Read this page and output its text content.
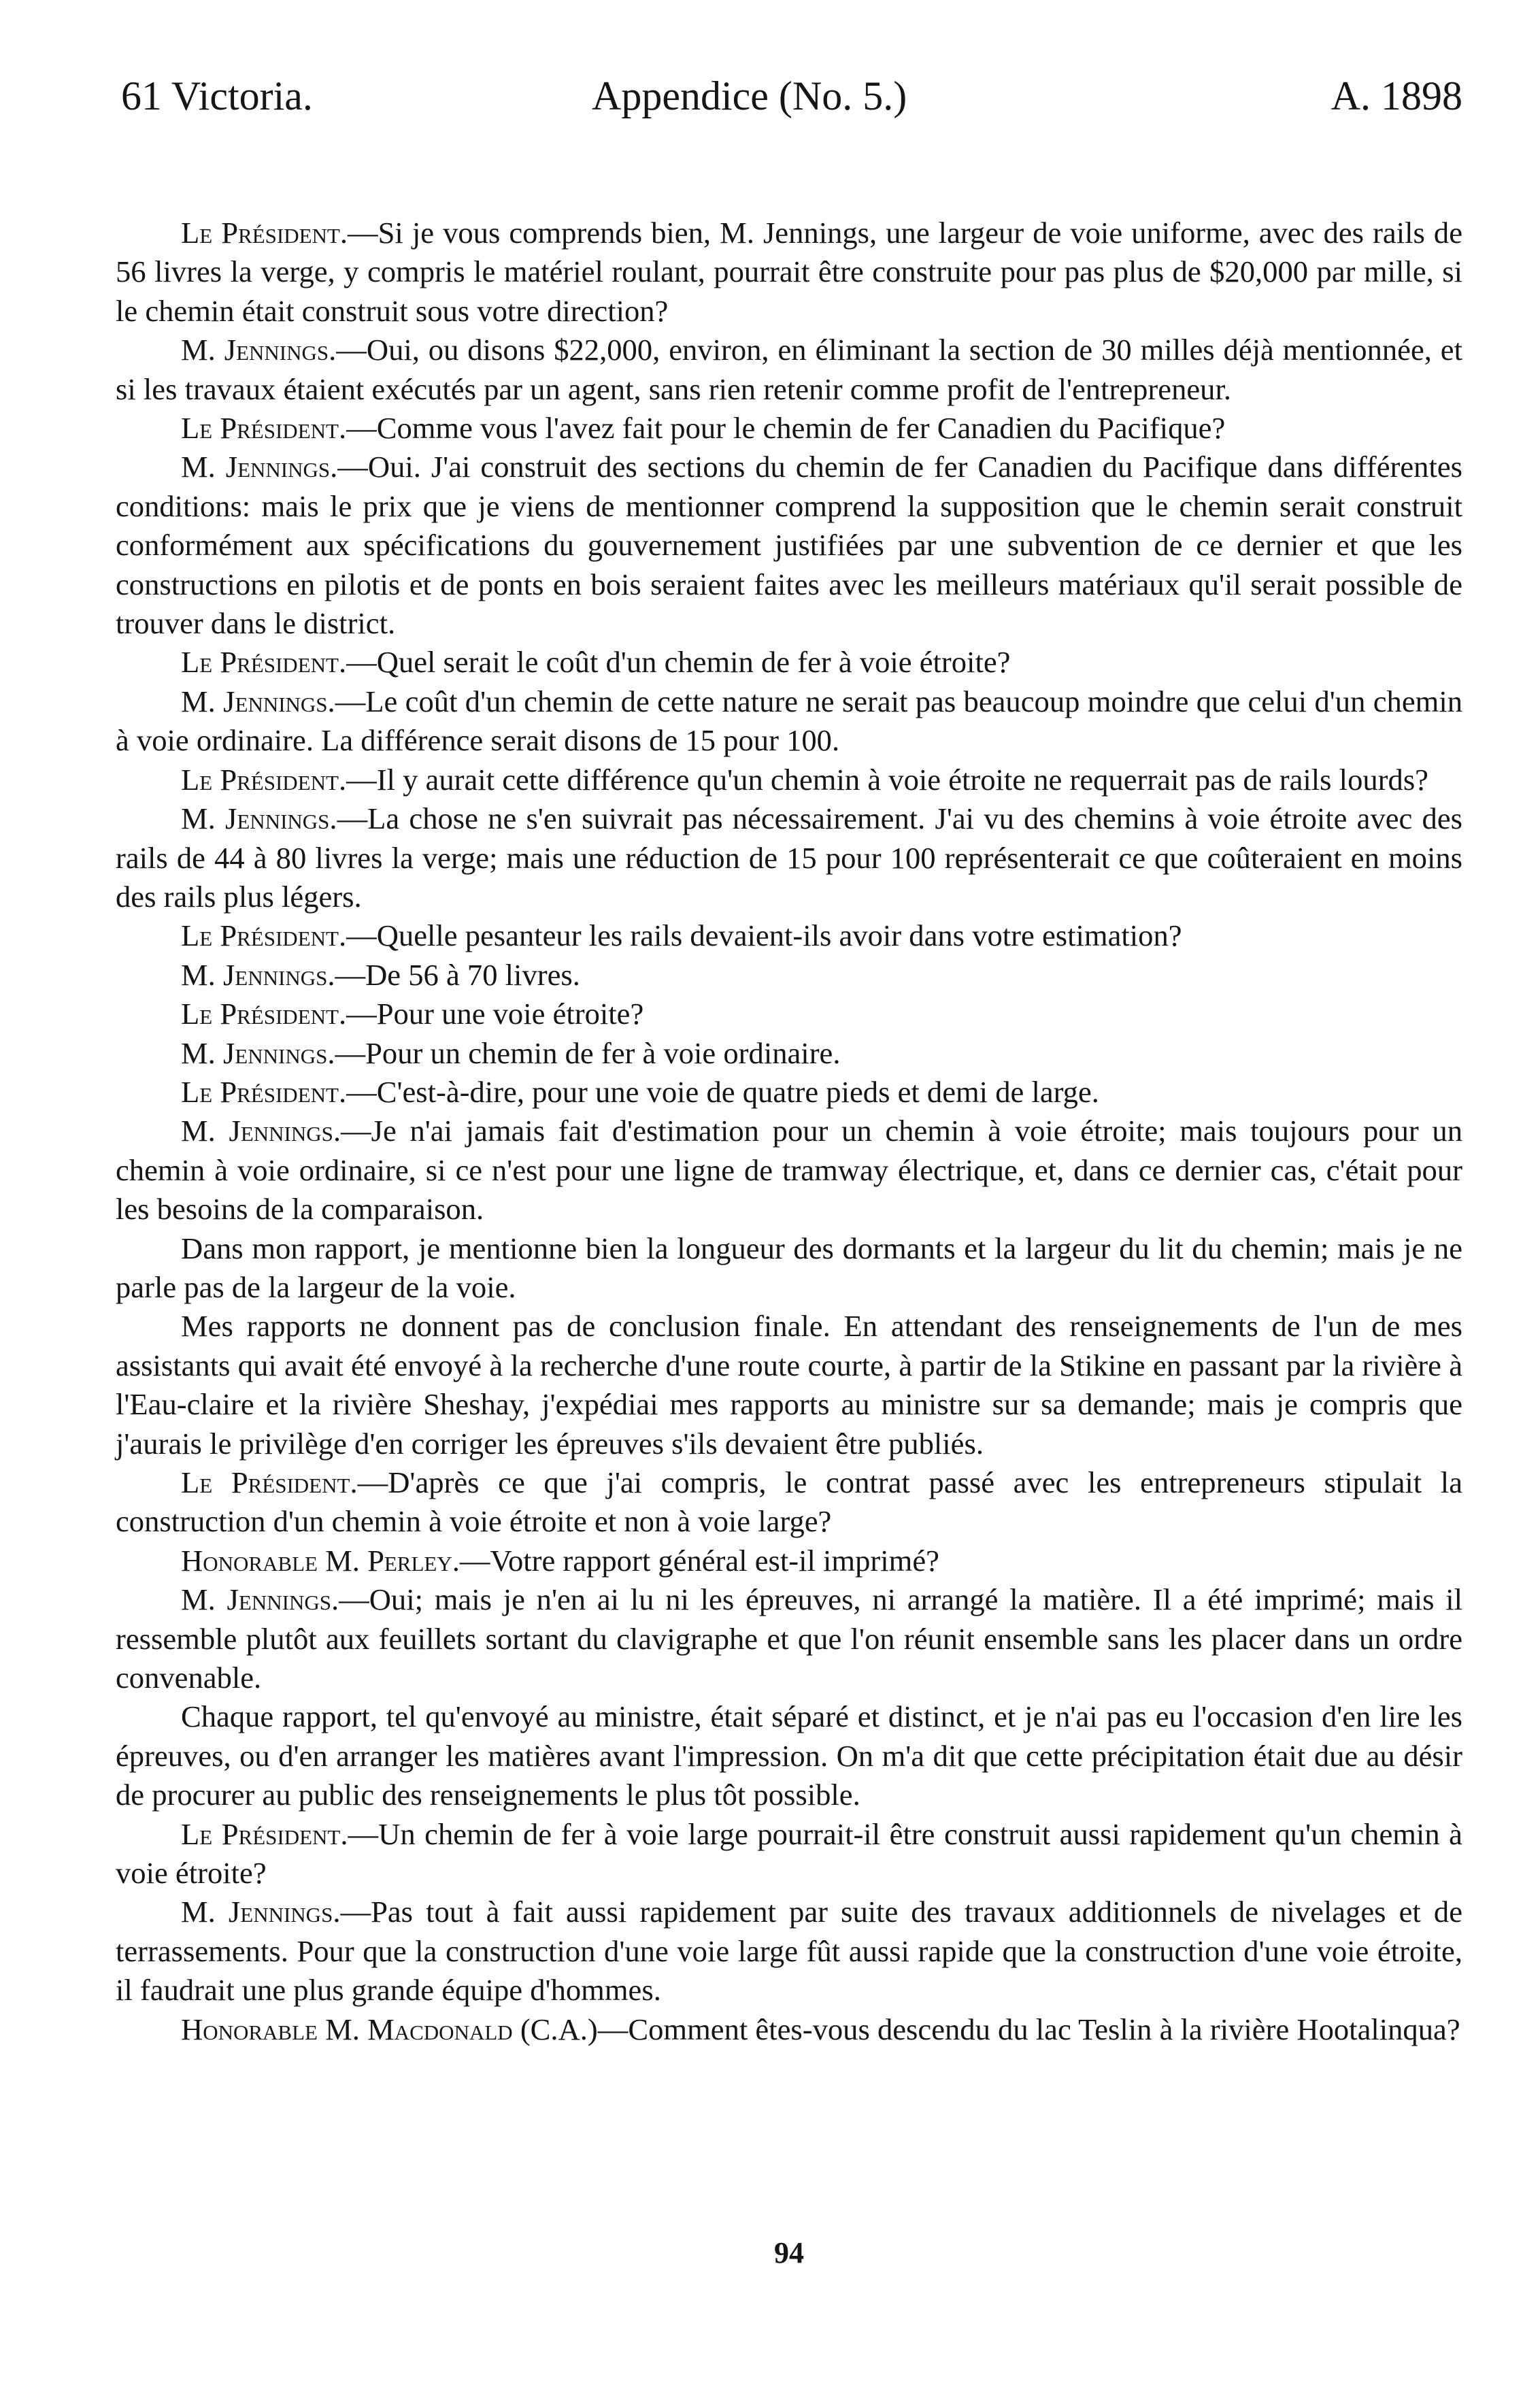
61 Victoria.	Appendice (No. 5.)	A. 1898

Le Président.—Si je vous comprends bien, M. Jennings, une largeur de voie uniforme, avec des rails de 56 livres la verge, y compris le matériel roulant, pourrait être construite pour pas plus de $20,000 par mille, si le chemin était construit sous votre direction?

M. Jennings.—Oui, ou disons $22,000, environ, en éliminant la section de 30 milles déjà mentionnée, et si les travaux étaient exécutés par un agent, sans rien retenir comme profit de l'entrepreneur.

Le Président.—Comme vous l'avez fait pour le chemin de fer Canadien du Pacifique?

M. Jennings.—Oui. J'ai construit des sections du chemin de fer Canadien du Pacifique dans différentes conditions: mais le prix que je viens de mentionner comprend la supposition que le chemin serait construit conformément aux spécifications du gouvernement justifiées par une subvention de ce dernier et que les constructions en pilotis et de ponts en bois seraient faites avec les meilleurs matériaux qu'il serait possible de trouver dans le district.

Le Président.—Quel serait le coût d'un chemin de fer à voie étroite?

M. Jennings.—Le coût d'un chemin de cette nature ne serait pas beaucoup moindre que celui d'un chemin à voie ordinaire. La différence serait disons de 15 pour 100.

Le Président.—Il y aurait cette différence qu'un chemin à voie étroite ne requerrait pas de rails lourds?

M. Jennings.—La chose ne s'en suivrait pas nécessairement. J'ai vu des chemins à voie étroite avec des rails de 44 à 80 livres la verge; mais une réduction de 15 pour 100 représenterait ce que coûteraient en moins des rails plus légers.

Le Président.—Quelle pesanteur les rails devaient-ils avoir dans votre estimation?

M. Jennings.—De 56 à 70 livres.

Le Président.—Pour une voie étroite?

M. Jennings.—Pour un chemin de fer à voie ordinaire.

Le Président.—C'est-à-dire, pour une voie de quatre pieds et demi de large.

M. Jennings.—Je n'ai jamais fait d'estimation pour un chemin à voie étroite; mais toujours pour un chemin à voie ordinaire, si ce n'est pour une ligne de tramway électrique, et, dans ce dernier cas, c'était pour les besoins de la comparaison.

Dans mon rapport, je mentionne bien la longueur des dormants et la largeur du lit du chemin; mais je ne parle pas de la largeur de la voie.

Mes rapports ne donnent pas de conclusion finale. En attendant des renseignements de l'un de mes assistants qui avait été envoyé à la recherche d'une route courte, à partir de la Stikine en passant par la rivière à l'Eau-claire et la rivière Sheshay, j'expédiai mes rapports au ministre sur sa demande; mais je compris que j'aurais le privilège d'en corriger les épreuves s'ils devaient être publiés.

Le Président.—D'après ce que j'ai compris, le contrat passé avec les entrepreneurs stipulait la construction d'un chemin à voie étroite et non à voie large?

Honorable M. Perley.—Votre rapport général est-il imprimé?

M. Jennings.—Oui; mais je n'en ai lu ni les épreuves, ni arrangé la matière. Il a été imprimé; mais il ressemble plutôt aux feuillets sortant du clavigraphe et que l'on réunit ensemble sans les placer dans un ordre convenable.

Chaque rapport, tel qu'envoyé au ministre, était séparé et distinct, et je n'ai pas eu l'occasion d'en lire les épreuves, ou d'en arranger les matières avant l'impression. On m'a dit que cette précipitation était due au désir de procurer au public des renseignements le plus tôt possible.

Le Président.—Un chemin de fer à voie large pourrait-il être construit aussi rapidement qu'un chemin à voie étroite?

M. Jennings.—Pas tout à fait aussi rapidement par suite des travaux additionnels de nivelages et de terrassements. Pour que la construction d'une voie large fût aussi rapide que la construction d'une voie étroite, il faudrait une plus grande équipe d'hommes.

Honorable M. Macdonald (C.A.)—Comment êtes-vous descendu du lac Teslin à la rivière Hootalinqua?

94
